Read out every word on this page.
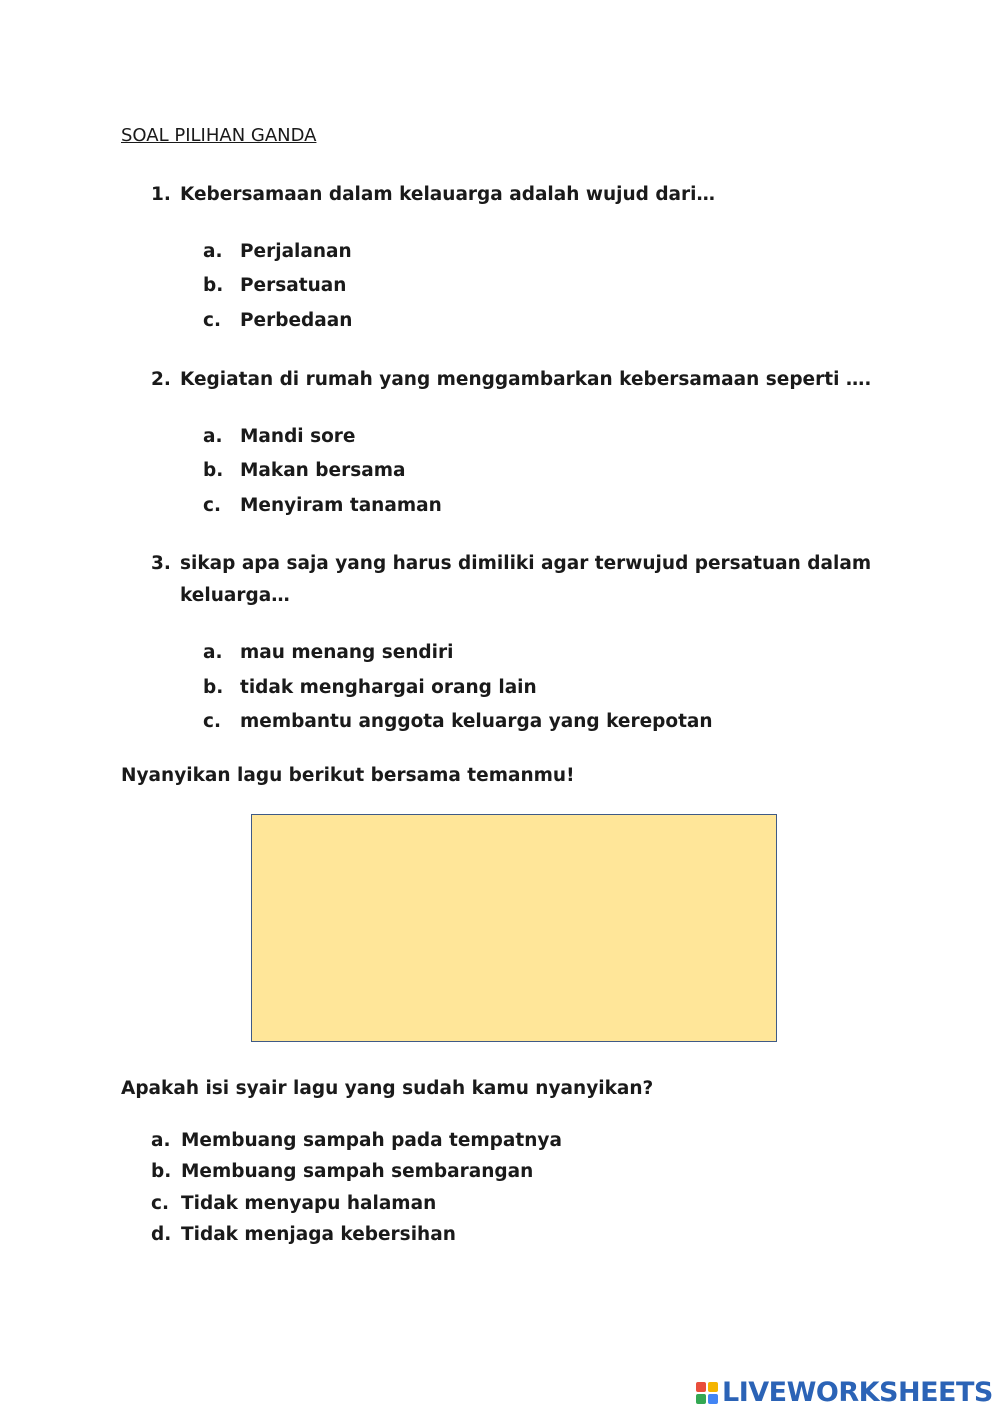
SOAL PILIHAN GANDA
1. Kebersamaan dalam kelauarga adalah wujud dari…
a. Perjalanan
b. Persatuan
c. Perbedaan
2. Kegiatan di rumah yang menggambarkan kebersamaan seperti ….
a. Mandi sore
b. Makan bersama
c. Menyiram tanaman
3. sikap apa saja yang harus dimiliki agar terwujud persatuan dalam
keluarga…
a. mau menang sendiri
b. tidak menghargai orang lain
c. membantu anggota keluarga yang kerepotan
Nyanyikan lagu berikut bersama temanmu!
Apakah isi syair lagu yang sudah kamu nyanyikan?
a. Membuang sampah pada tempatnya
b. Membuang sampah sembarangan
c. Tidak menyapu halaman
d. Tidak menjaga kebersihan
LIVEWORKSHEETS
